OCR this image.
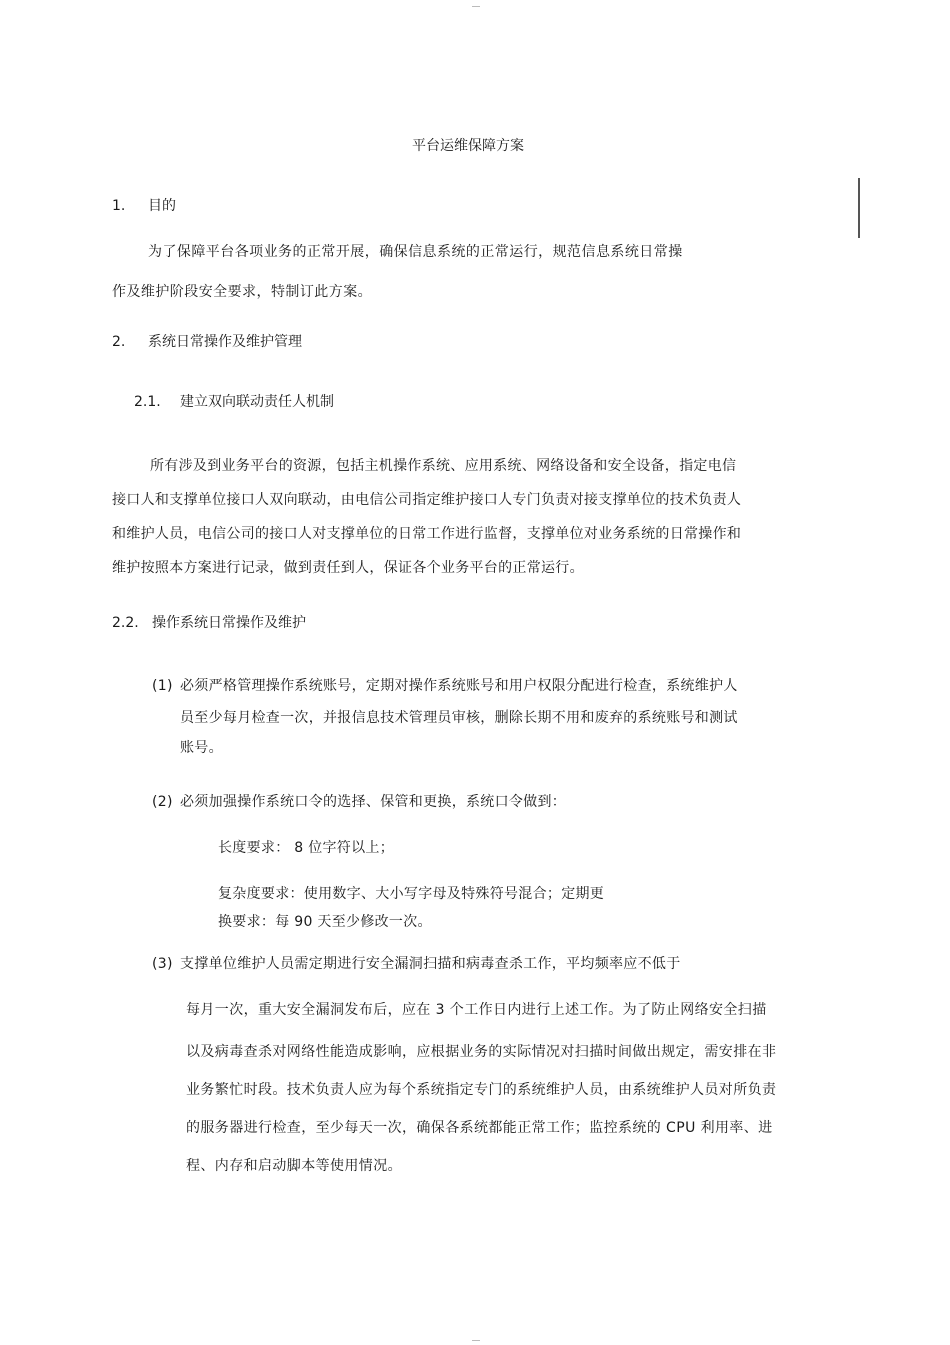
平台运维保障方案
1. 目的
为了保障平台各项业务的正常开展，确保信息系统的正常运行，规范信息系统日常操
作及维护阶段安全要求，特制订此方案。
2. 系统日常操作及维护管理
2.1. 建立双向联动责任人机制
所有涉及到业务平台的资源，包括主机操作系统、应用系统、网络设备和安全设备，指定电信
接口人和支撑单位接口人双向联动，由电信公司指定维护接口人专门负责对接支撑单位的技术负责人
和维护人员，电信公司的接口人对支撑单位的日常工作进行监督，支撑单位对业务系统的日常操作和
维护按照本方案进行记录，做到责任到人，保证各个业务平台的正常运行。
2.2. 操作系统日常操作及维护
(1) 必须严格管理操作系统账号，定期对操作系统账号和用户权限分配进行检查，系统维护人
员至少每月检查一次，并报信息技术管理员审核，删除长期不用和废弃的系统账号和测试
账号。
(2) 必须加强操作系统口令的选择、保管和更换，系统口令做到：
长度要求： 8 位字符以上；
复杂度要求：使用数字、大小写字母及特殊符号混合；定期更
换要求：每 90 天至少修改一次。
(3) 支撑单位维护人员需定期进行安全漏洞扫描和病毒查杀工作，平均频率应不低于
每月一次，重大安全漏洞发布后，应在 3 个工作日内进行上述工作。为了防止网络安全扫描
以及病毒查杀对网络性能造成影响，应根据业务的实际情况对扫描时间做出规定，需安排在非
业务繁忙时段。技术负责人应为每个系统指定专门的系统维护人员，由系统维护人员对所负责
的服务器进行检查，至少每天一次，确保各系统都能正常工作；监控系统的 CPU 利用率、进
程、内存和启动脚本等使用情况。
